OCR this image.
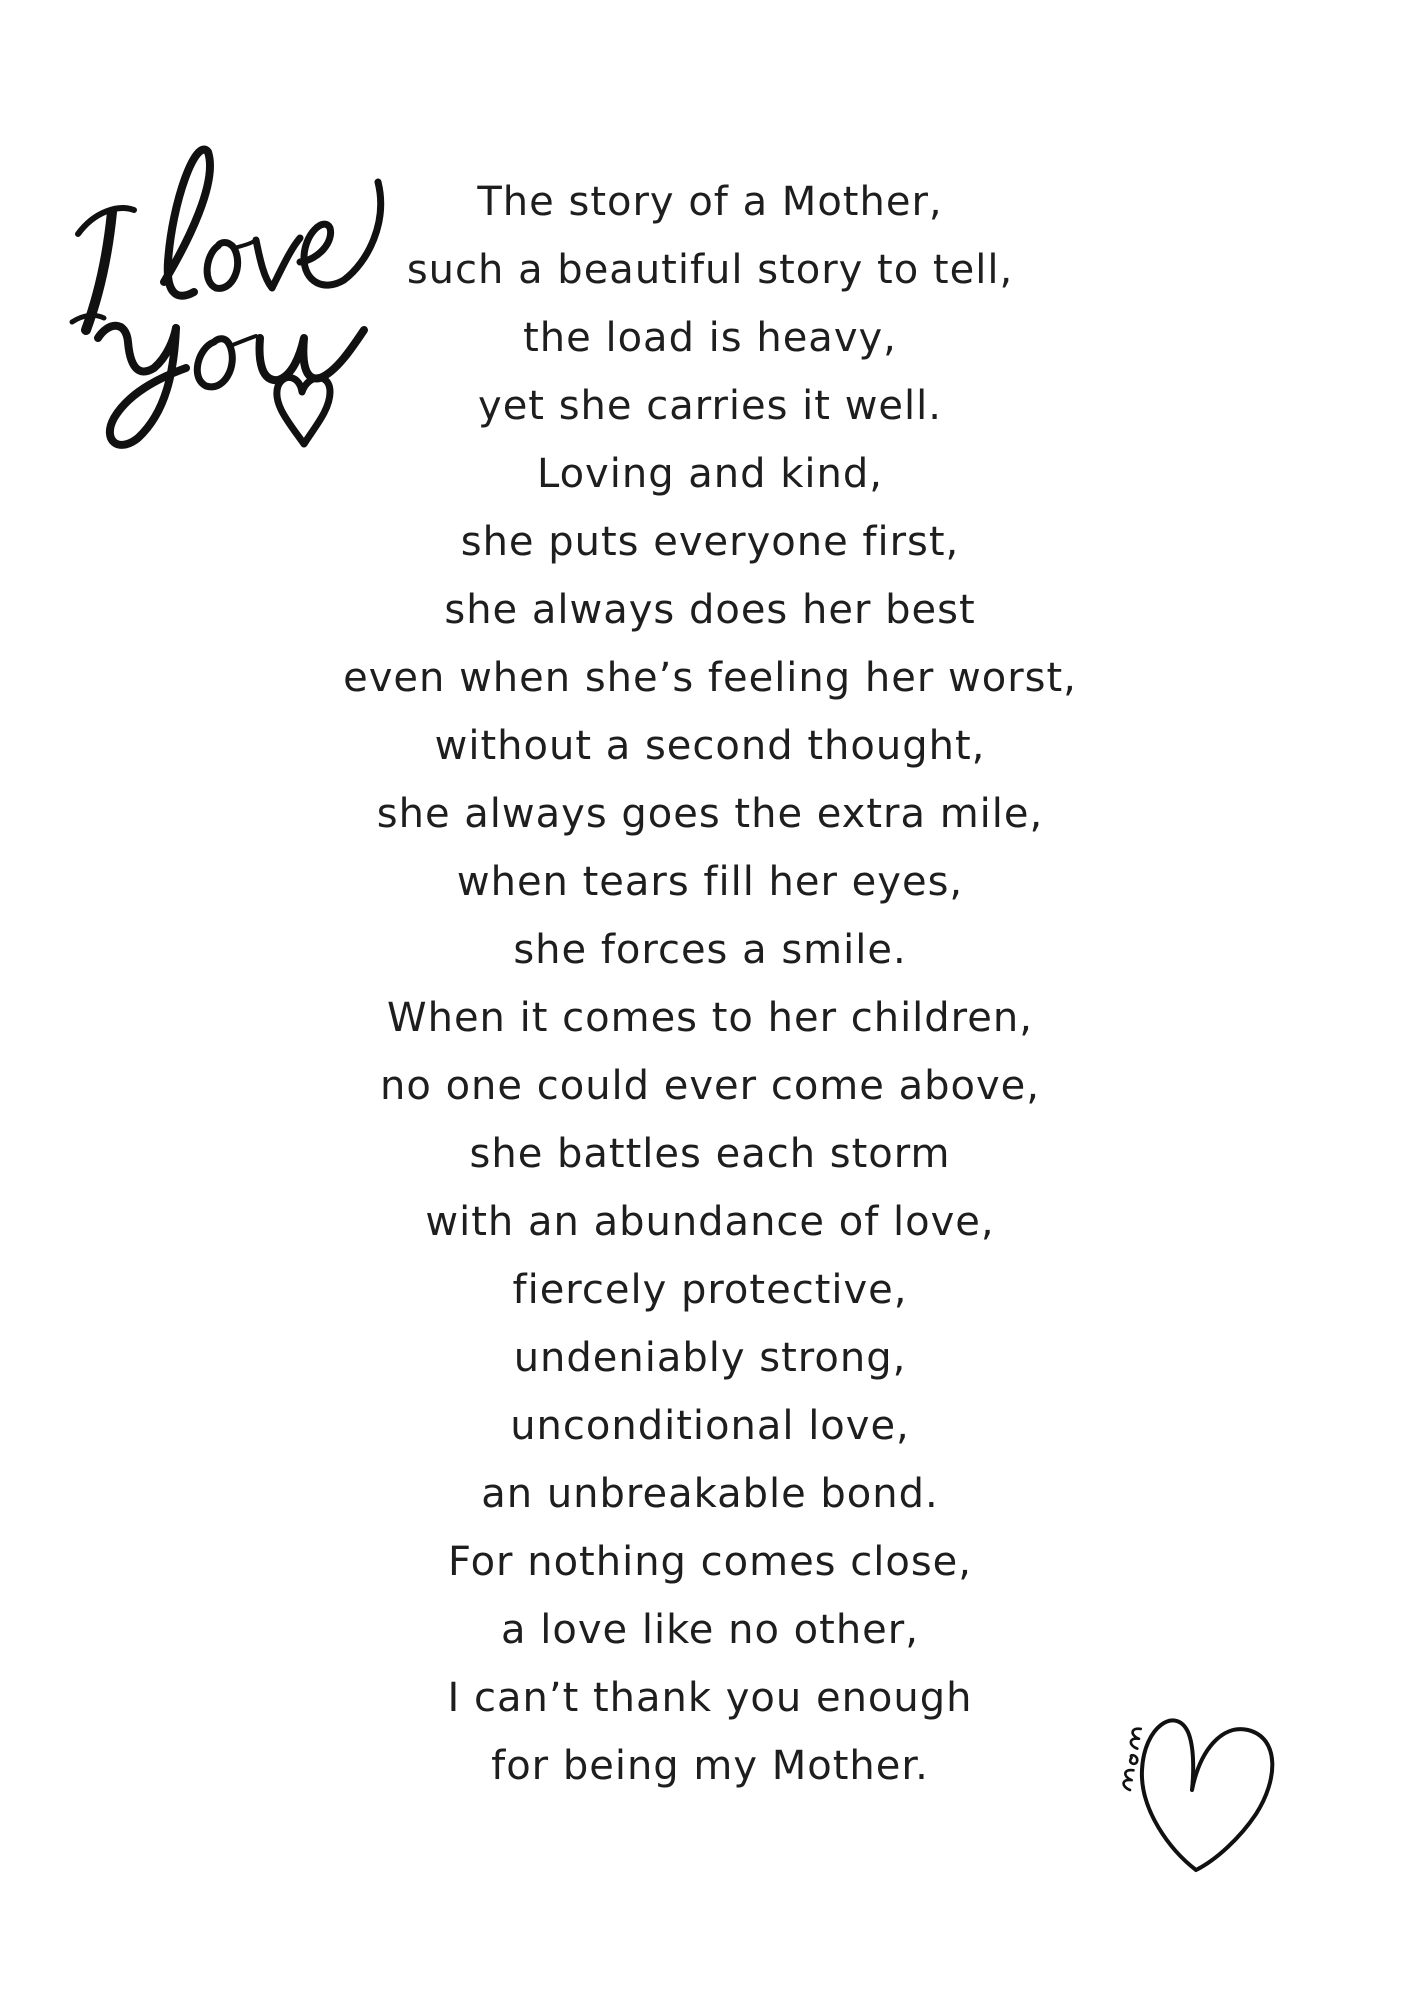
The story of a Mother,
such a beautiful story to tell,
the load is heavy,
yet she carries it well.
Loving and kind,
she puts everyone first,
she always does her best
even when she’s feeling her worst,
without a second thought,
she always goes the extra mile,
when tears fill her eyes,
she forces a smile.
When it comes to her children,
no one could ever come above,
she battles each storm
with an abundance of love,
fiercely protective,
undeniably strong,
unconditional love,
an unbreakable bond.
For nothing comes close,
a love like no other,
I can’t thank you enough
for being my Mother.
